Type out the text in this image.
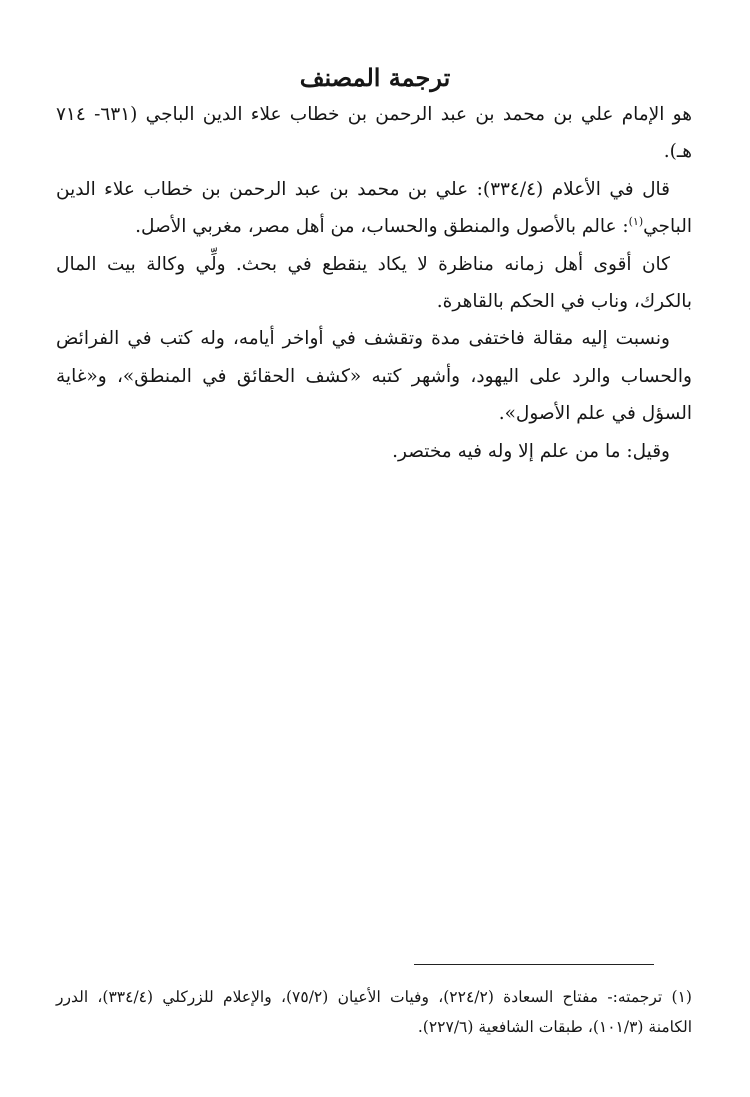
ترجمة المصنف

هو الإمام علي بن محمد بن عبد الرحمن بن خطاب علاء الدين الباجي (٦٣١- ٧١٤ هـ).

قال في الأعلام (٣٣٤/٤): علي بن محمد بن عبد الرحمن بن خطاب علاء الدين الباجي$^{(١)}$: عالم بالأصول والمنطق والحساب، من أهل مصر، مغربي الأصل.

كان أقوى أهل زمانه مناظرة لا يكاد ينقطع في بحث. ولِّي وكالة بيت المال بالكرك، وناب في الحكم بالقاهرة.

ونسبت إليه مقالة فاختفى مدة وتقشف في أواخر أيامه، وله كتب في الفرائض والحساب والرد على اليهود، وأشهر كتبه «كشف الحقائق في المنطق»، و«غاية السؤل في علم الأصول».

وقيل: ما من علم إلا وله فيه مختصر.

(١) ترجمته:- مفتاح السعادة (٢٢٤/٢)، وفيات الأعيان (٧٥/٢)، والإعلام للزركلي (٣٣٤/٤)، الدرر الكامنة (١٠١/٣)، طبقات الشافعية (٢٢٧/٦).
